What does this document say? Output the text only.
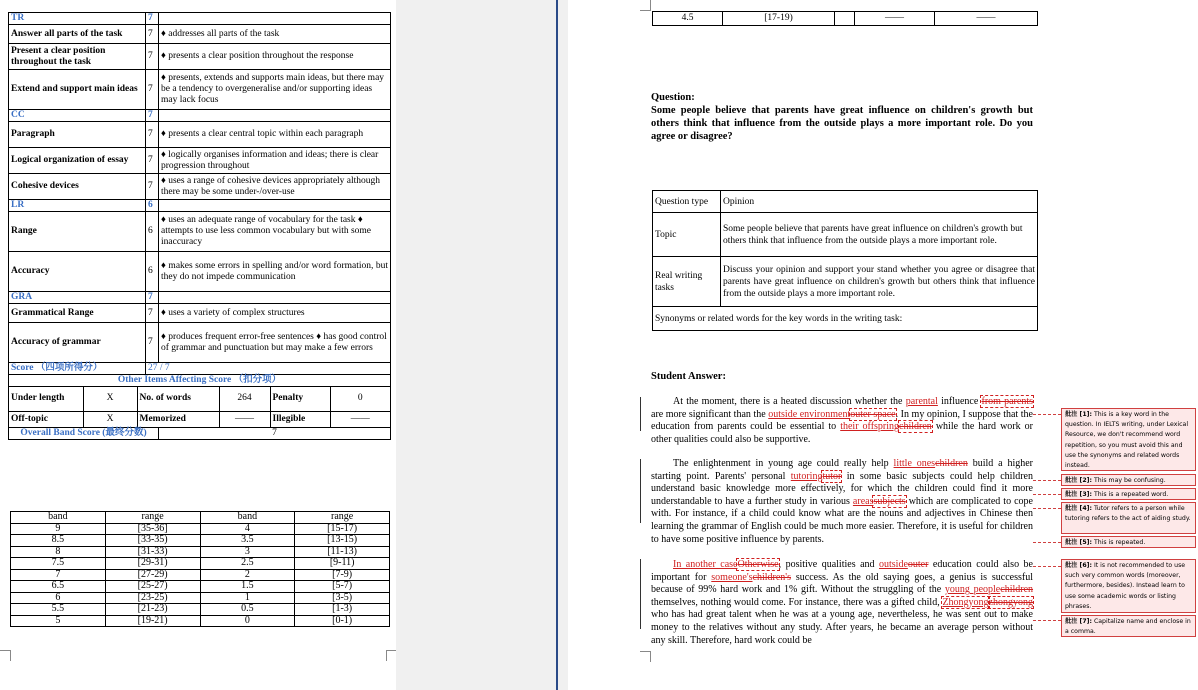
TR	7	
Answer all parts of the task	7	♦ addresses all parts of the task
Present a clear position throughout the task	7	♦ presents a clear position throughout the response
Extend and support main ideas	7	♦ presents, extends and supports main ideas, but there may be a tendency to overgeneralise and/or supporting ideas may lack focus
CC	7	
Paragraph	7	♦ presents a clear central topic within each paragraph
Logical organization of essay	7	♦ logically organises information and ideas; there is clear progression throughout
Cohesive devices	7	♦ uses a range of cohesive devices appropriately although there may be some under-/over-use
LR	6	
Range	6	♦ uses an adequate range of vocabulary for the task ♦ attempts to use less common vocabulary but with some inaccuracy
Accuracy	6	♦ makes some errors in spelling and/or word formation, but they do not impede communication
GRA	7	
Grammatical Range	7	♦ uses a variety of complex structures
Accuracy of grammar	7	♦ produces frequent error-free sentences ♦ has good control of grammar and punctuation but may make a few errors
Score （四项所得分）	27 / 7
Other Items Affecting Score （扣分项）

Under length	X	No. of words	264	Penalty	0
Off-topic	X	Memorized	——	Illegible	——

Overall Band Score (最终分数)	7
band	range	band	range
9	[35-36]	4	[15-17)
8.5	[33-35)	3.5	[13-15)
8	[31-33)	3	[11-13)
7.5	[29-31)	2.5	[9-11)
7	[27-29)	2	[7-9)
6.5	[25-27)	1.5	[5-7)
6	[23-25)	1	[3-5)
5.5	[21-23)	0.5	[1-3)
5	[19-21)	0	[0-1)
4.5	[17-19)		——	——
Question:
Some people believe that parents have great influence on children's growth but others think that influence from the outside plays a more important role. Do you agree or disagree?
Question type	Opinion
Topic	Some people believe that parents have great influence on children's growth but others think that influence from the outside plays a more important role.
Real writing tasks	Discuss your opinion and support your stand whether you agree or disagree that parents have great influence on children's growth but others think that influence from the outside plays a more important role.
Synonyms or related words for the key words in the writing task:	
Student Answer:
At the moment, there is a heated discussion whether the parental influence from parents are more significant than the outside environmentouter space. In my opinion, I suppose that the education from parents could be essential to their offspringchildren while the hard work or other qualities could also be supportive.
The enlightenment in young age could really help little oneschildren build a higher starting point. Parents' personal tutoringtutor in some basic subjects could help children understand basic knowledge more effectively, for which the children could find it more understandable to have a further study in various areassubjects which are complicated to cope with. For instance, if a child could know what are the nouns and adjectives in Chinese then learning the grammar of English could be much more easier. Therefore, it is useful for children to have some positive influence by parents.
In another caseOtherwise, positive qualities and outsideouter education could also be important for someone'schildren's success. As the old saying goes, a genius is successful because of 99% hard work and 1% gift. Without the struggling of the young peoplechildren themselves, nothing would come. For instance, there was a gifted child, Zhongyongzhongyong who has had great talent when he was at a young age, nevertheless, he was sent out to make money to the relatives without any study. After years, he became an average person without any skill. Therefore, hard work could be
批注 [1]: This is a key word in the question. In IELTS writing, under Lexical Resource, we don't recommend word repetition, so you must avoid this and use the synonyms and related words instead.
批注 [2]: This may be confusing.
批注 [3]: This is a repeated word.
批注 [4]: Tutor refers to a person while tutoring refers to the act of aiding study.
批注 [5]: This is repeated.
批注 [6]: It is not recommended to use such very common words (moreover, furthermore, besides). Instead learn to use some academic words or listing phrases.
批注 [7]: Capitalize name and enclose in a comma.
